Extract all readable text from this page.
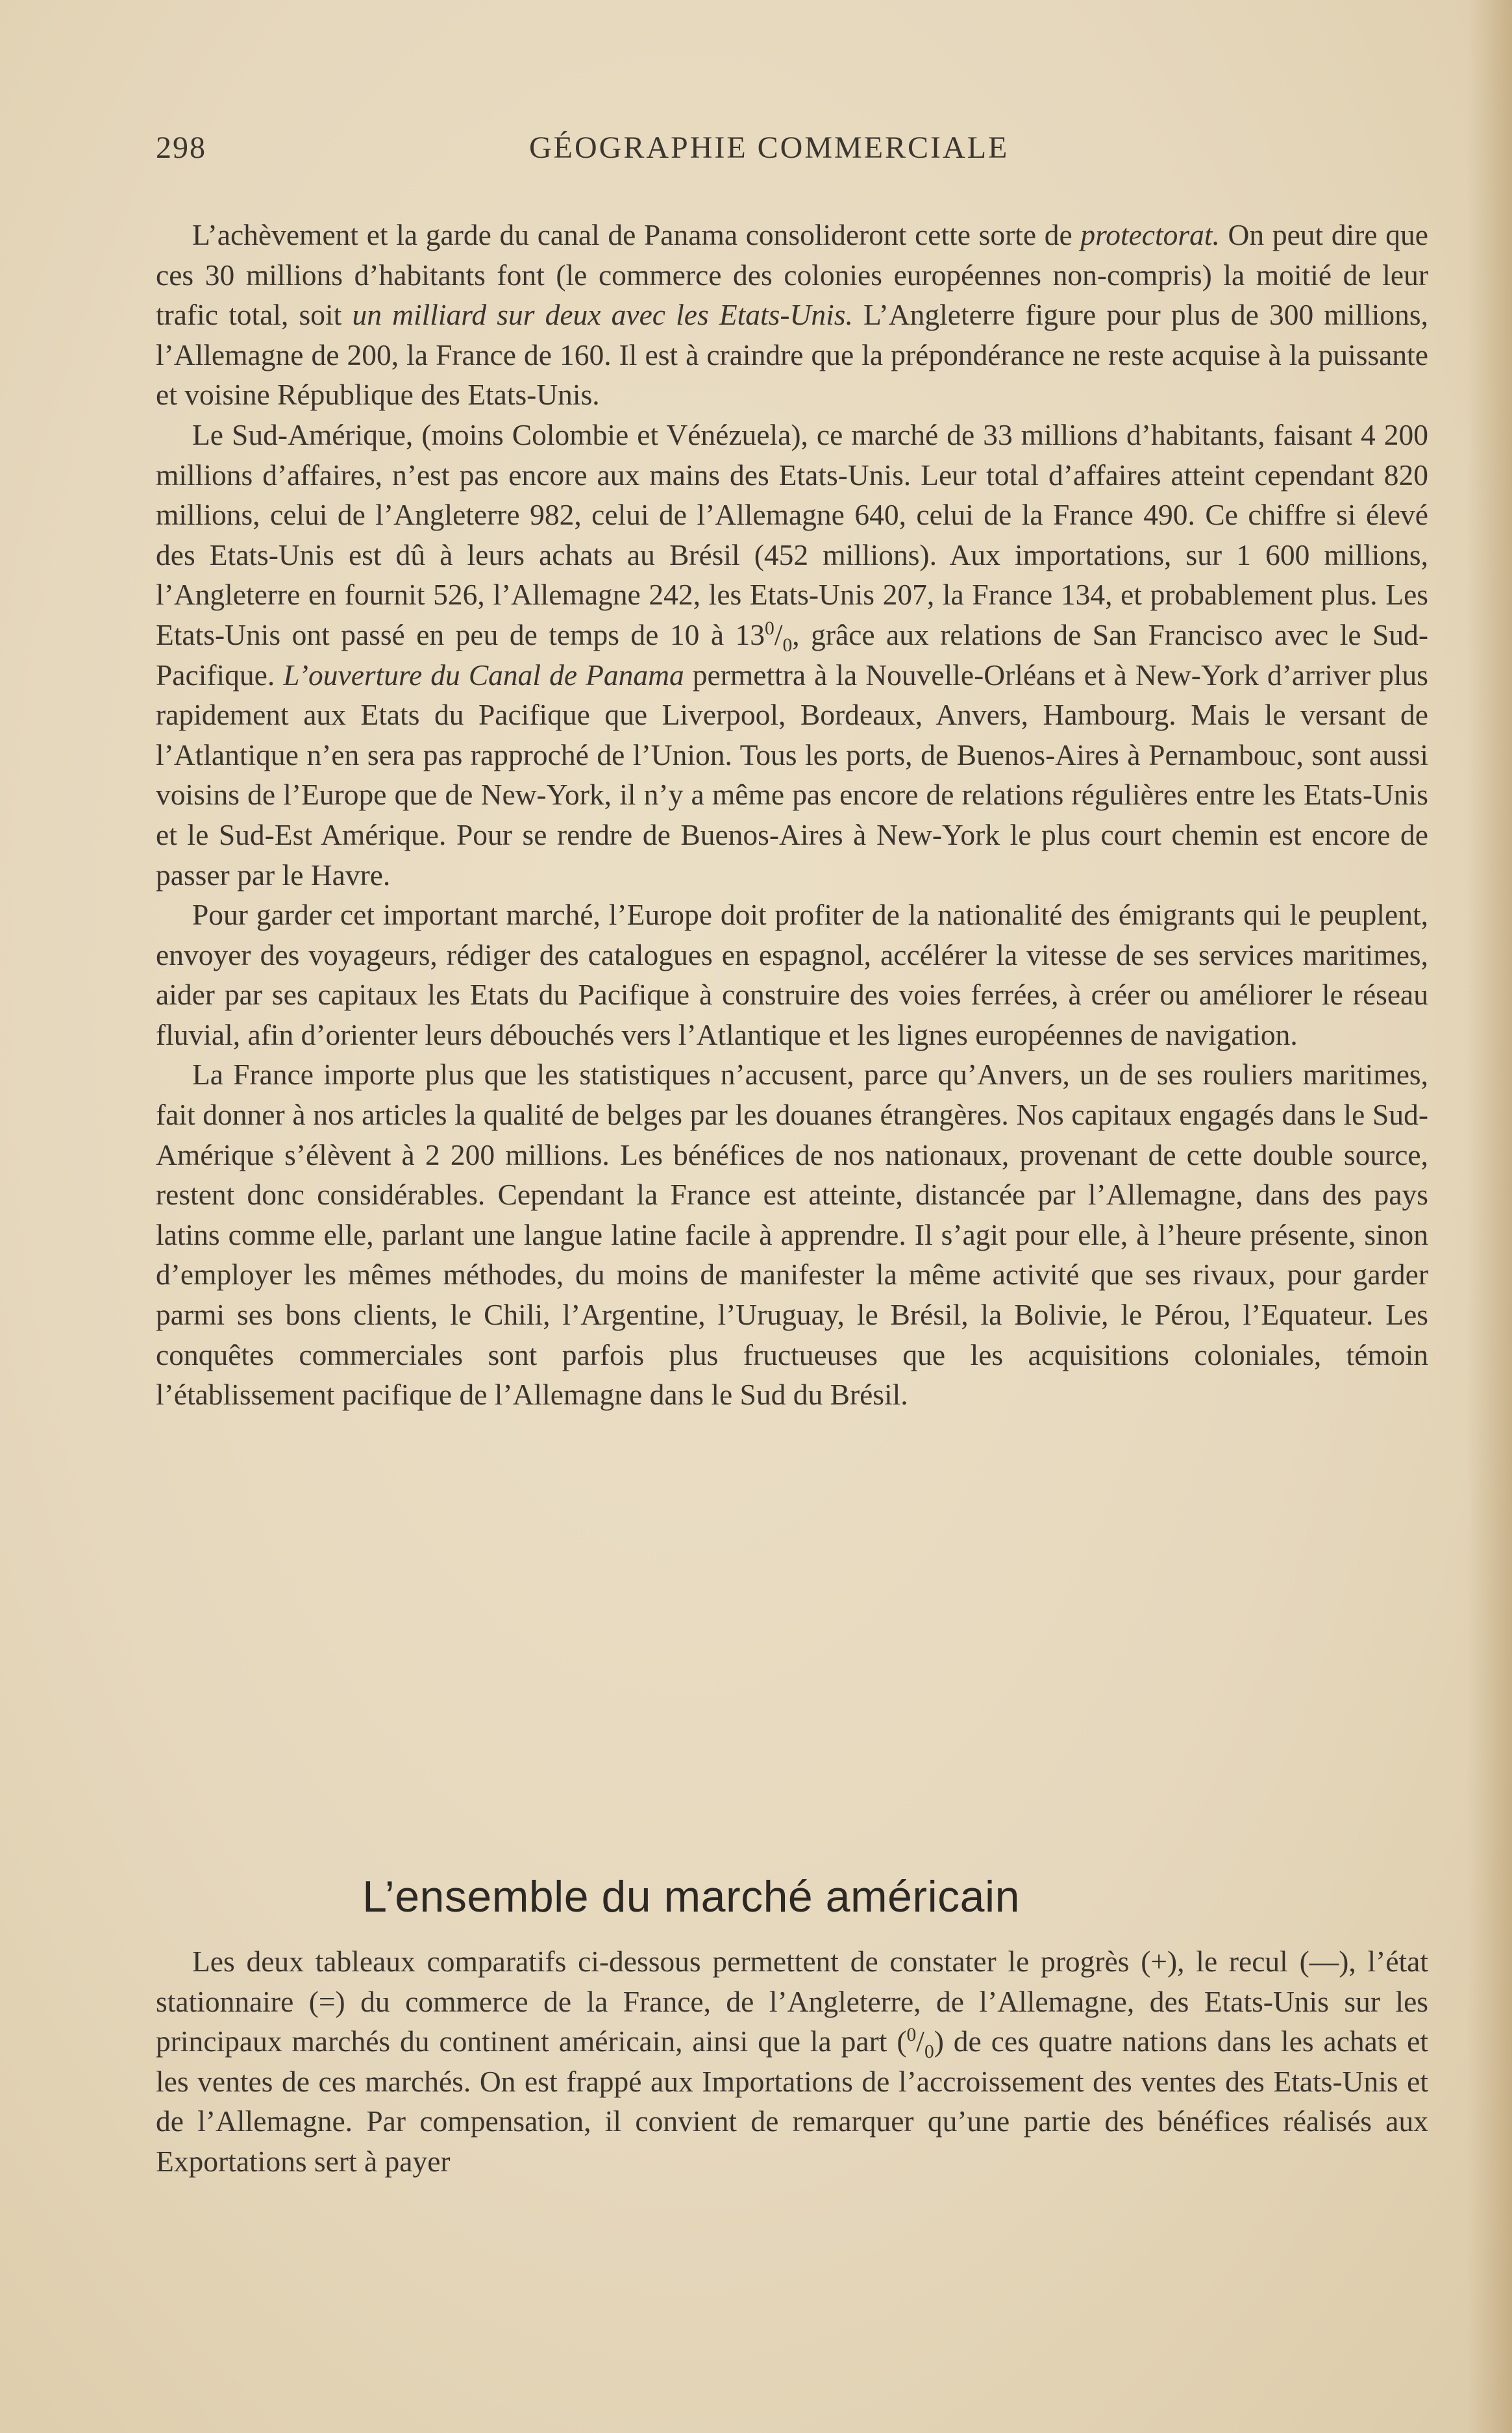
298	GÉOGRAPHIE COMMERCIALE

L’achèvement et la garde du canal de Panama consolideront cette sorte de protectorat. On peut dire que ces 30 millions d’habitants font (le commerce des colonies européennes non-compris) la moitié de leur trafic total, soit un milliard sur deux avec les Etats-Unis. L’Angleterre figure pour plus de 300 millions, l’Allemagne de 200, la France de 160. Il est à craindre que la prépondérance ne reste acquise à la puissante et voisine République des Etats-Unis.

Le Sud-Amérique, (moins Colombie et Vénézuela), ce marché de 33 millions d’habitants, faisant 4 200 millions d’affaires, n’est pas encore aux mains des Etats-Unis. Leur total d’affaires atteint cependant 820 millions, celui de l’Angleterre 982, celui de l’Allemagne 640, celui de la France 490. Ce chiffre si élevé des Etats-Unis est dû à leurs achats au Brésil (452 millions). Aux importations, sur 1 600 millions, l’Angleterre en fournit 526, l’Allemagne 242, les Etats-Unis 207, la France 134, et probablement plus. Les Etats-Unis ont passé en peu de temps de 10 à $13^0/_0$, grâce aux relations de San Francisco avec le Sud-Pacifique. L’ouverture du Canal de Panama permettra à la Nouvelle-Orléans et à New-York d’arriver plus rapidement aux Etats du Pacifique que Liverpool, Bordeaux, Anvers, Hambourg. Mais le versant de l’Atlantique n’en sera pas rapproché de l’Union. Tous les ports, de Buenos-Aires à Pernambouc, sont aussi voisins de l’Europe que de New-York, il n’y a même pas encore de relations régulières entre les Etats-Unis et le Sud-Est Amérique. Pour se rendre de Buenos-Aires à New-York le plus court chemin est encore de passer par le Havre.

Pour garder cet important marché, l’Europe doit profiter de la nationalité des émigrants qui le peuplent, envoyer des voyageurs, rédiger des catalogues en espagnol, accélérer la vitesse de ses services maritimes, aider par ses capitaux les Etats du Pacifique à construire des voies ferrées, à créer ou améliorer le réseau fluvial, afin d’orienter leurs débouchés vers l’Atlantique et les lignes européennes de navigation.

La France importe plus que les statistiques n’accusent, parce qu’Anvers, un de ses rouliers maritimes, fait donner à nos articles la qualité de belges par les douanes étrangères. Nos capitaux engagés dans le Sud-Amérique s’élèvent à 2 200 millions. Les bénéfices de nos nationaux, provenant de cette double source, restent donc considérables. Cependant la France est atteinte, distancée par l’Allemagne, dans des pays latins comme elle, parlant une langue latine facile à apprendre. Il s’agit pour elle, à l’heure présente, sinon d’employer les mêmes méthodes, du moins de manifester la même activité que ses rivaux, pour garder parmi ses bons clients, le Chili, l’Argentine, l’Uruguay, le Brésil, la Bolivie, le Pérou, l’Equateur. Les conquêtes commerciales sont parfois plus fructueuses que les acquisitions coloniales, témoin l’établissement pacifique de l’Allemagne dans le Sud du Brésil.

L’ensemble du marché américain

Les deux tableaux comparatifs ci-dessous permettent de constater le progrès (+), le recul (—), l’état stationnaire (=) du commerce de la France, de l’Angleterre, de l’Allemagne, des Etats-Unis sur les principaux marchés du continent américain, ainsi que la part $(^0/_0)$ de ces quatre nations dans les achats et les ventes de ces marchés. On est frappé aux Importations de l’accroissement des ventes des Etats-Unis et de l’Allemagne. Par compensation, il convient de remarquer qu’une partie des bénéfices réalisés aux Exportations sert à payer
